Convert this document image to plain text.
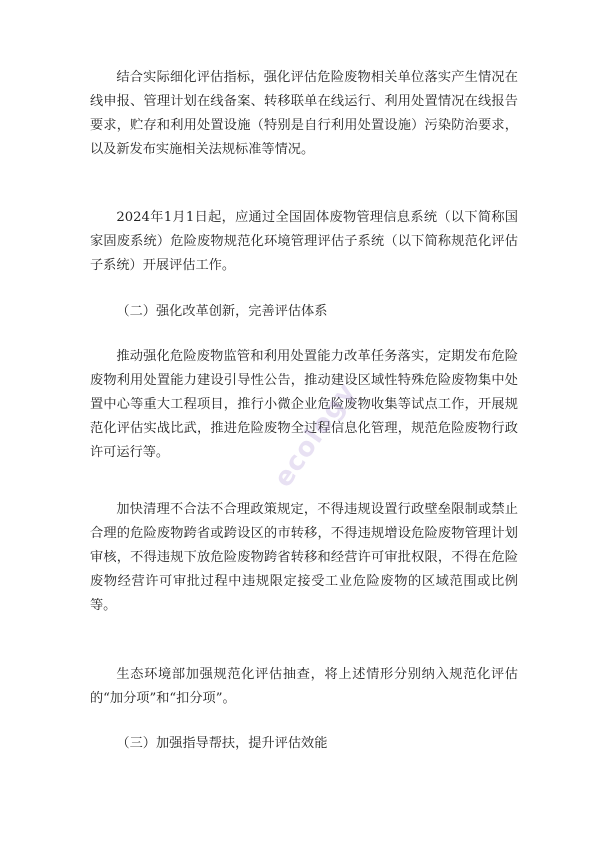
结合实际细化评估指标，强化评估危险废物相关单位落实产生情况在线申报、管理计划在线备案、转移联单在线运行、利用处置情况在线报告要求，贮存和利用处置设施（特别是自行利用处置设施）污染防治要求，以及新发布实施相关法规标准等情况。

2024年1月1日起，应通过全国固体废物管理信息系统（以下简称国家固废系统）危险废物规范化环境管理评估子系统（以下简称规范化评估子系统）开展评估工作。

（二）强化改革创新，完善评估体系

推动强化危险废物监管和利用处置能力改革任务落实，定期发布危险废物利用处置能力建设引导性公告，推动建设区域性特殊危险废物集中处置中心等重大工程项目，推行小微企业危险废物收集等试点工作，开展规范化评估实战比武，推进危险废物全过程信息化管理，规范危险废物行政许可运行等。

加快清理不合法不合理政策规定，不得违规设置行政壁垒限制或禁止合理的危险废物跨省或跨设区的市转移，不得违规增设危险废物管理计划审核，不得违规下放危险废物跨省转移和经营许可审批权限，不得在危险废物经营许可审批过程中违规限定接受工业危险废物的区域范围或比例等。

生态环境部加强规范化评估抽查，将上述情形分别纳入规范化评估的“加分项”和“扣分项”。

（三）加强指导帮扶，提升评估效能

ecology
